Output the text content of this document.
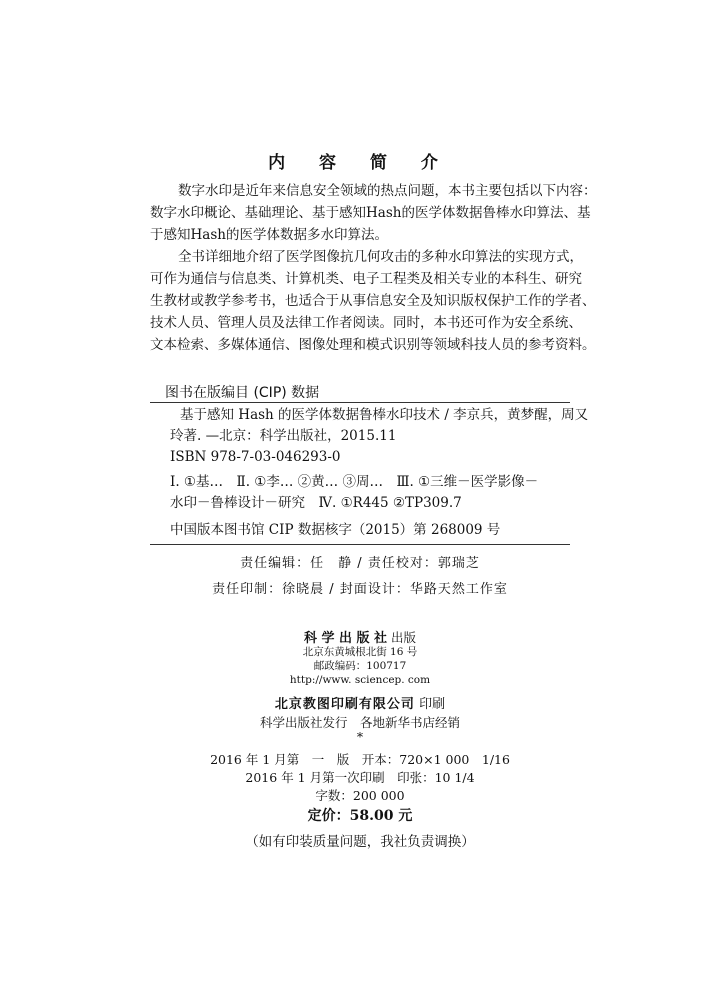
内 容 简 介
数字水印是近年来信息安全领域的热点问题，本书主要包括以下内容：
数字水印概论、基础理论、基于感知Hash的医学体数据鲁棒水印算法、基
于感知Hash的医学体数据多水印算法。
全书详细地介绍了医学图像抗几何攻击的多种水印算法的实现方式，
可作为通信与信息类、计算机类、电子工程类及相关专业的本科生、研究
生教材或教学参考书，也适合于从事信息安全及知识版权保护工作的学者、
技术人员、管理人员及法律工作者阅读。同时，本书还可作为安全系统、
文本检索、多媒体通信、图像处理和模式识别等领域科技人员的参考资料。
图书在版编目 (CIP) 数据
基于感知 Hash 的医学体数据鲁棒水印技术 / 李京兵，黄梦醒，周又
玲著. —北京：科学出版社，2015.11
ISBN 978-7-03-046293-0
Ⅰ. ①基…　Ⅱ. ①李… ②黄… ③周…　Ⅲ. ①三维－医学影像－
水印－鲁棒设计－研究　Ⅳ. ①R445 ②TP309.7
中国版本图书馆 CIP 数据核字（2015）第 268009 号
责任编辑：任　静 / 责任校对：郭瑞芝
责任印制：徐晓晨 / 封面设计：华路天然工作室
科 学 出 版 社 出版
北京东黄城根北街 16 号
邮政编码：100717
http://www. sciencep. com
北京教图印刷有限公司 印刷
科学出版社发行　各地新华书店经销
*
2016 年 1 月第　一　版　开本：720×1 000　1/16
2016 年 1 月第一次印刷　印张：10 1/4
字数：200 000
定价：58.00 元
（如有印装质量问题，我社负责调换）
